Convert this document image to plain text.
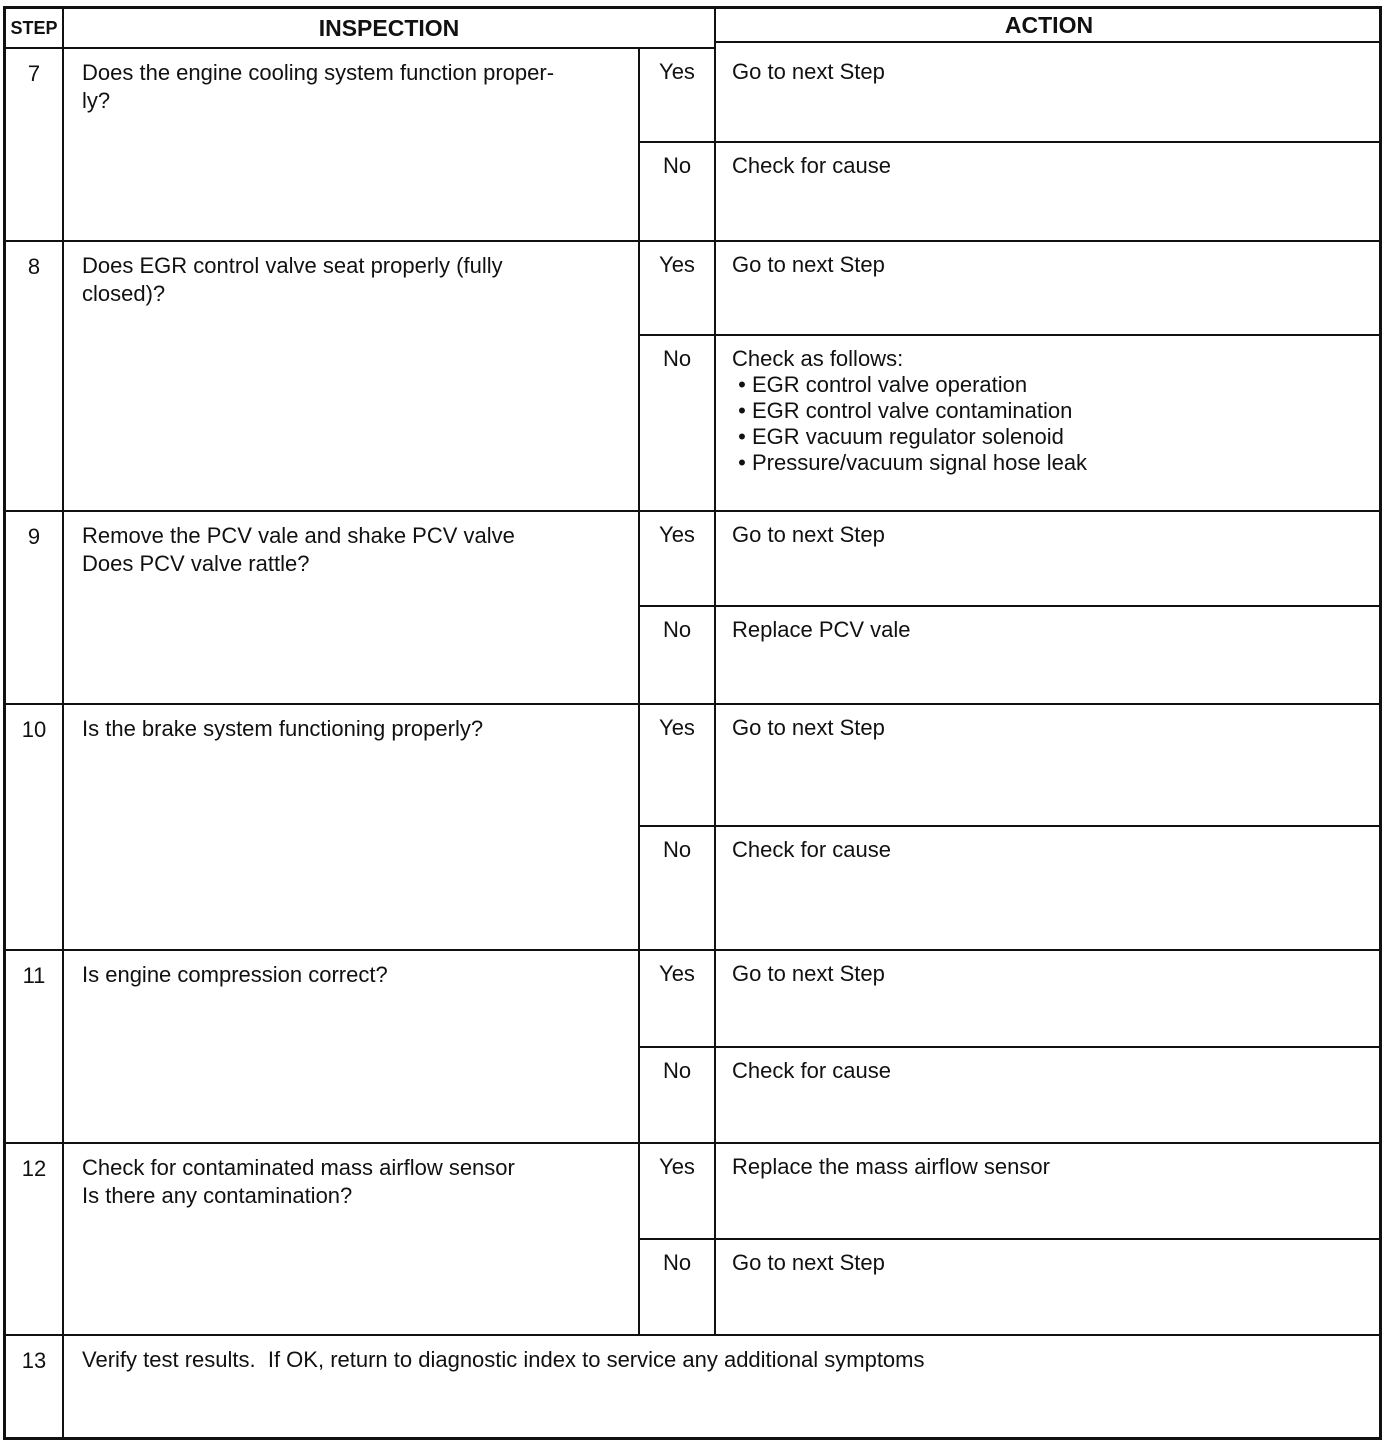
STEP	INSPECTION	ACTION
7	Does the engine cooling system function proper-
ly?
Yes	Go to next Step
No	Check for cause
8	Does EGR control valve seat properly (fully
closed)?
Yes	Go to next Step
No	Check as follows:
• EGR control valve operation
• EGR control valve contamination
• EGR vacuum regulator solenoid
• Pressure/vacuum signal hose leak
9	Remove the PCV vale and shake PCV valve
Does PCV valve rattle?
Yes	Go to next Step
No	Replace PCV vale
10	Is the brake system functioning properly?	Yes	Go to next Step
No	Check for cause
11	Is engine compression correct?	Yes	Go to next Step
No	Check for cause
12	Check for contaminated mass airflow sensor
Is there any contamination?
Yes	Replace the mass airflow sensor
No	Go to next Step
13	Verify test results.  If OK, return to diagnostic index to service any additional symptoms
